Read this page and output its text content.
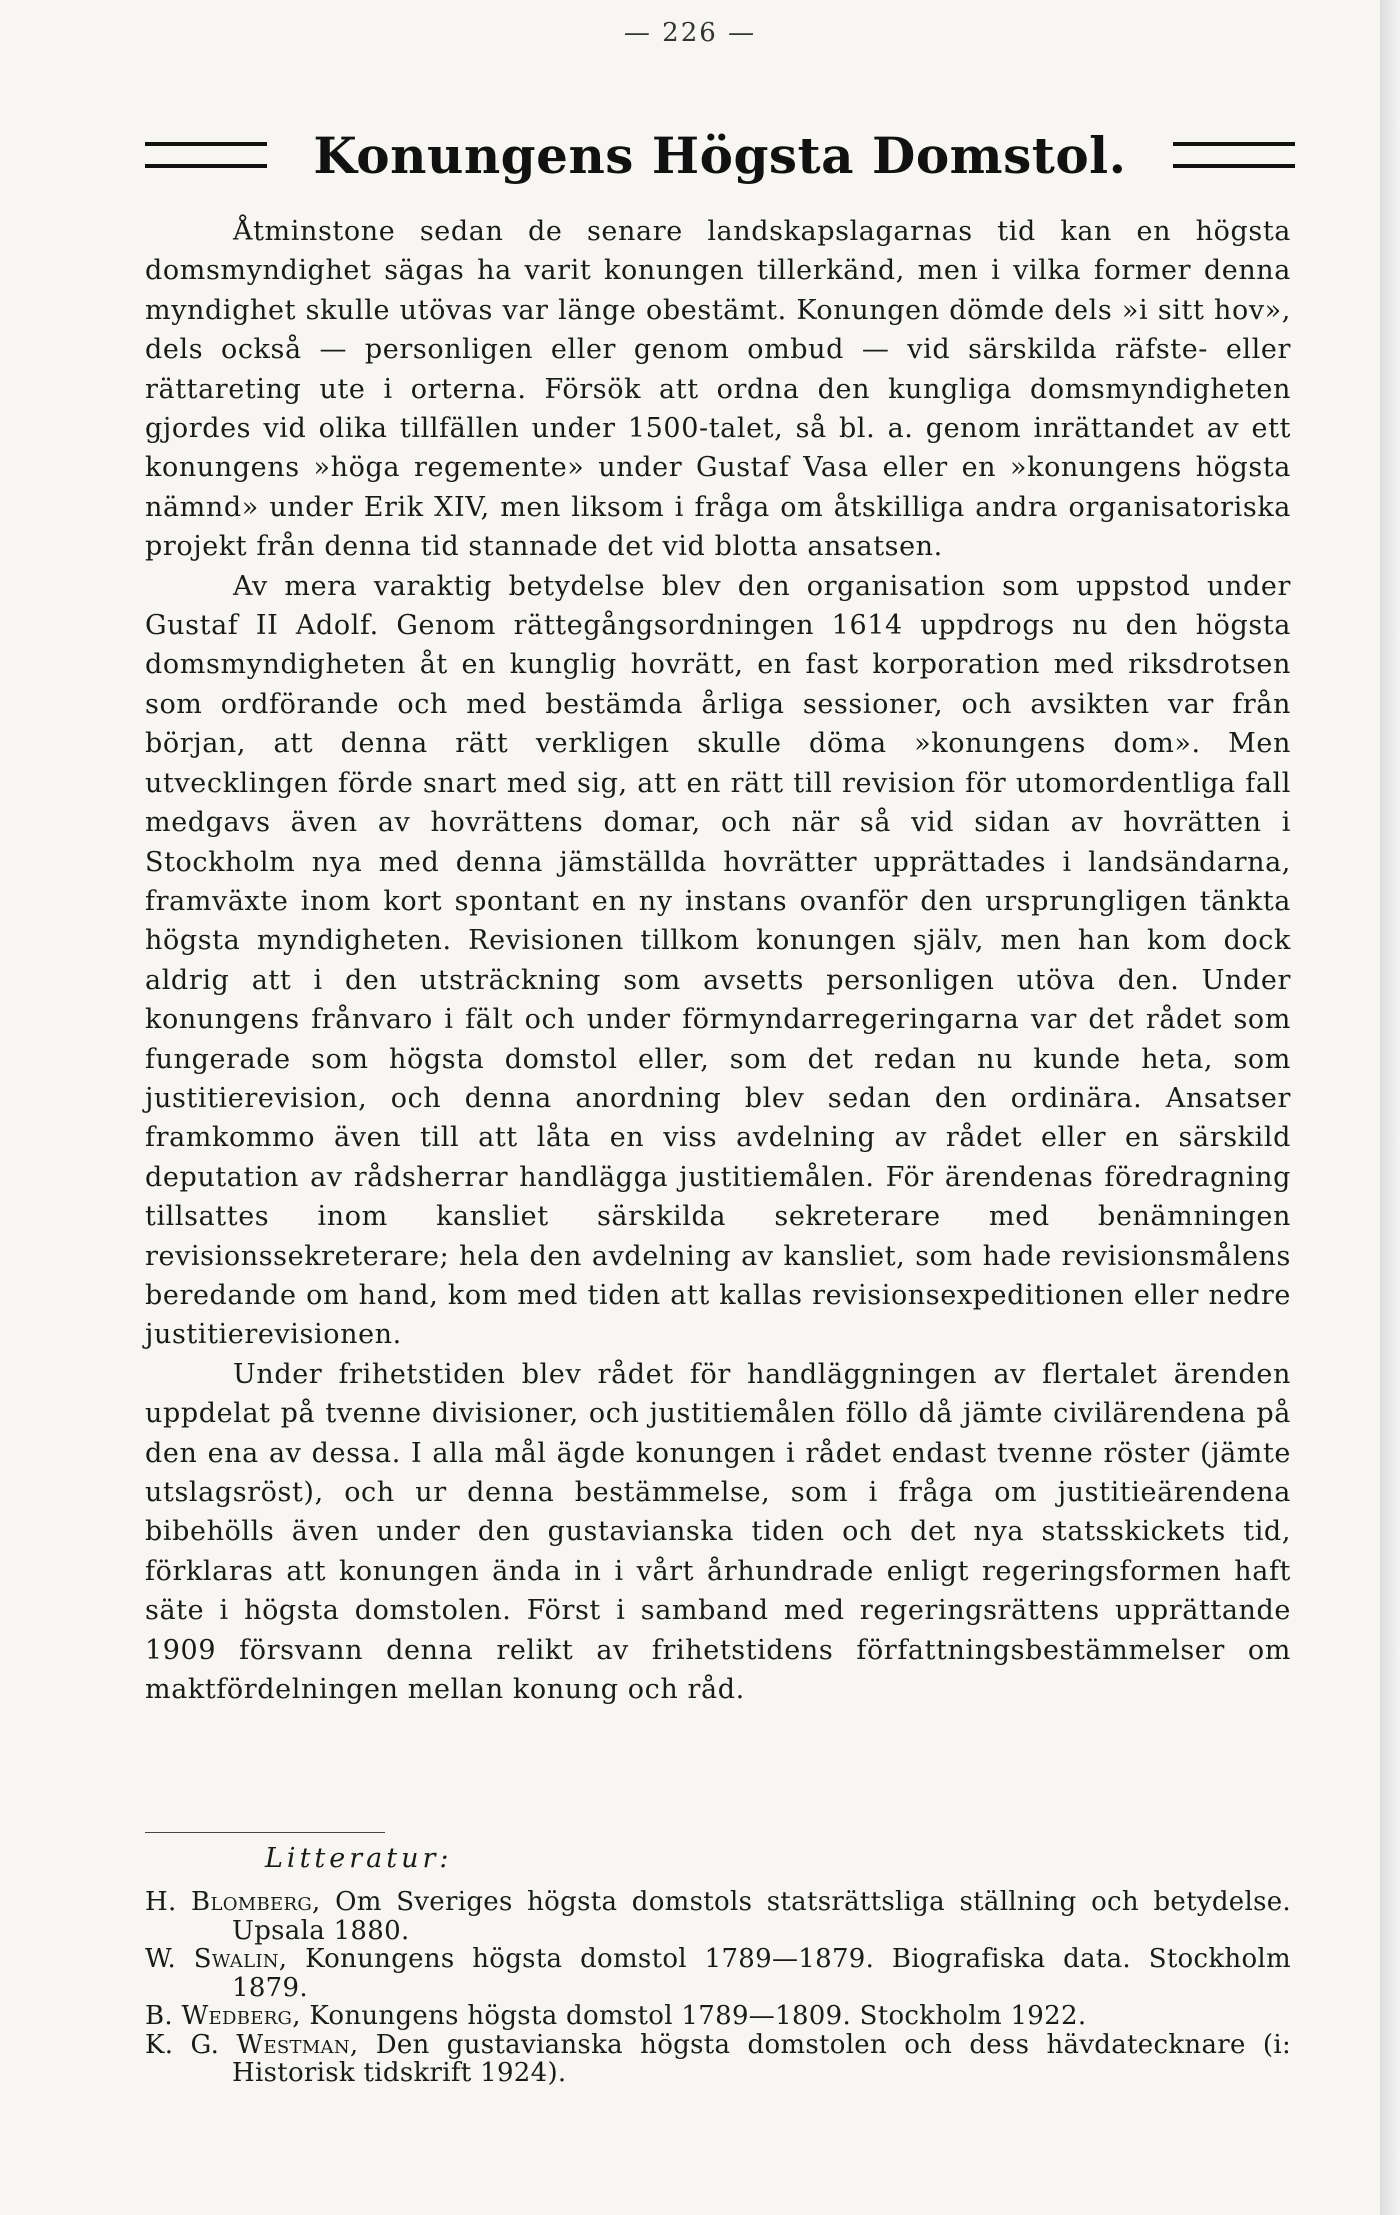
— 226 —
Konungens Högsta Domstol.

Åtminstone sedan de senare landskapslagarnas tid kan en högsta domsmyndighet sägas ha varit konungen tillerkänd, men i vilka former denna myndighet skulle utövas var länge obestämt. Konungen dömde dels »i sitt hov», dels också — personligen eller genom ombud — vid särskilda räfste- eller rättareting ute i orterna. Försök att ordna den kungliga domsmyndigheten gjordes vid olika tillfällen under 1500-talet, så bl. a. genom inrättandet av ett konungens »höga regemente» under Gustaf Vasa eller en »konungens högsta nämnd» under Erik XIV, men liksom i fråga om åtskilliga andra organisatoriska projekt från denna tid stannade det vid blotta ansatsen.

Av mera varaktig betydelse blev den organisation som uppstod under Gustaf II Adolf. Genom rättegångsordningen 1614 uppdrogs nu den högsta domsmyndigheten åt en kunglig hovrätt, en fast korporation med riksdrotsen som ordförande och med bestämda årliga sessioner, och avsikten var från början, att denna rätt verkligen skulle döma »konungens dom». Men utvecklingen förde snart med sig, att en rätt till revision för utomordentliga fall medgavs även av hovrättens domar, och när så vid sidan av hovrätten i Stockholm nya med denna jämställda hovrätter upprättades i landsändarna, framväxte inom kort spontant en ny instans ovanför den ursprungligen tänkta högsta myndigheten. Revisionen tillkom konungen själv, men han kom dock aldrig att i den utsträckning som avsetts personligen utöva den. Under konungens frånvaro i fält och under förmyndarregeringarna var det rådet som fungerade som högsta domstol eller, som det redan nu kunde heta, som justitierevision, och denna anordning blev sedan den ordinära. Ansatser framkommo även till att låta en viss avdelning av rådet eller en särskild deputation av rådsherrar handlägga justitiemålen. För ärendenas föredragning tillsattes inom kansliet särskilda sekreterare med benämningen revisionssekreterare; hela den avdelning av kansliet, som hade revisionsmålens beredande om hand, kom med tiden att kallas revisionsexpeditionen eller nedre justitierevisionen.

Under frihetstiden blev rådet för handläggningen av flertalet ärenden uppdelat på tvenne divisioner, och justitiemålen föllo då jämte civilärendena på den ena av dessa. I alla mål ägde konungen i rådet endast tvenne röster (jämte utslagsröst), och ur denna bestämmelse, som i fråga om justitieärendena bibehölls även under den gustavianska tiden och det nya statsskickets tid, förklaras att konungen ända in i vårt århundrade enligt regeringsformen haft säte i högsta domstolen. Först i samband med regeringsrättens upprättande 1909 försvann denna relikt av frihetstidens författningsbestämmelser om maktfördelningen mellan konung och råd.

Litteratur:

H. Blomberg, Om Sveriges högsta domstols statsrättsliga ställning och betydelse. Upsala 1880.

W. Swalin, Konungens högsta domstol 1789—1879. Biografiska data. Stockholm 1879.

B. Wedberg, Konungens högsta domstol 1789—1809. Stockholm 1922.

K. G. Westman, Den gustavianska högsta domstolen och dess hävdatecknare (i: Historisk tidskrift 1924).
